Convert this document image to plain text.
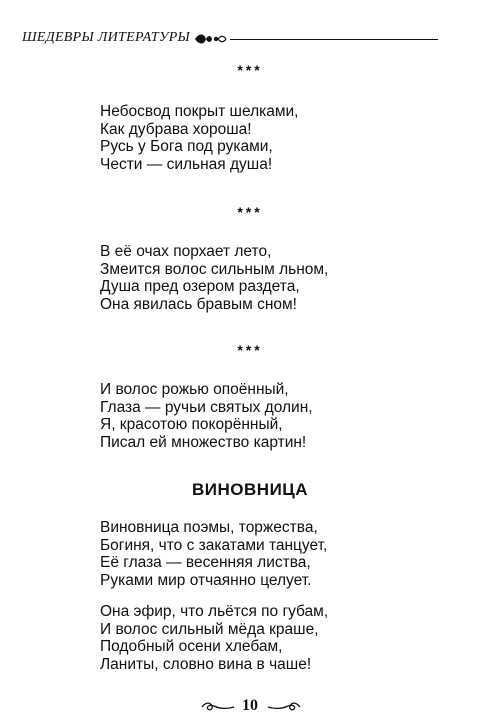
ШЕДЕВРЫ ЛИТЕРАТУРЫ
***
Небосвод покрыт шелками,
Как дубрава хороша!
Русь у Бога под руками,
Чести — сильная душа!
***
В её очах порхает лето,
Змеится волос сильным льном,
Душа пред озером раздета,
Она явилась бравым сном!
***
И волос рожью опоённый,
Глаза — ручьи святых долин,
Я, красотою покорённый,
Писал ей множество картин!
ВИНОВНИЦА
Виновница поэмы, торжества,
Богиня, что с закатами танцует,
Её глаза — весенняя листва,
Руками мир отчаянно целует.
Она эфир, что льётся по губам,
И волос сильный мёда краше,
Подобный осени хлебам,
Ланиты, словно вина в чаше!
10
